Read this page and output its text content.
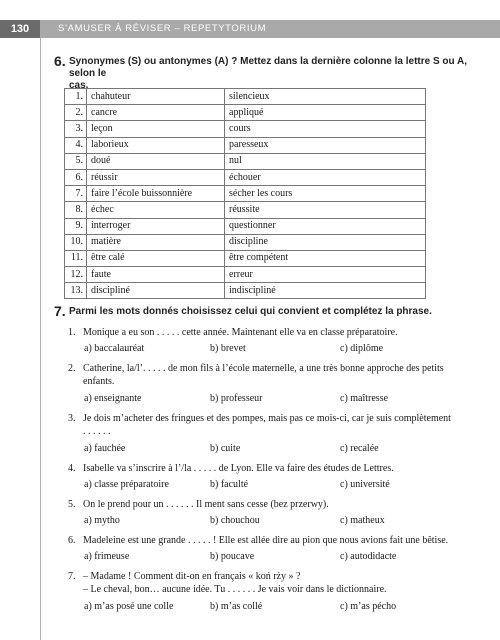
130	S’AMUSER À RÉVISER – REPETYTORIUM
6. Synonymes (S) ou antonymes (A) ? Mettez dans la dernière colonne la lettre S ou A, selon le
cas.
1.	chahuteur	silencieux
2.	cancre	appliqué
3.	leçon	cours
4.	laborieux	paresseux
5.	doué	nul
6.	réussir	échouer
7.	faire l’école buissonnière	sécher les cours
8.	échec	réussite
9.	interroger	questionner
10.	matière	discipline
11.	être calé	être compétent
12.	faute	erreur
13.	discipliné	indiscipliné
7. Parmi les mots donnés choisissez celui qui convient et complétez la phrase.
1. Monique a eu son . . . . . cette année. Maintenant elle va en classe préparatoire.
a) baccalauréat	b) brevet	c) diplôme
2. Catherine, la/l’. . . . . de mon fils à l’école maternelle, a une très bonne approche des petits
enfants.
a) enseignante	b) professeur	c) maîtresse
3. Je dois m’acheter des fringues et des pompes, mais pas ce mois-ci, car je suis complètement
. . . . . .
a) fauchée	b) cuite	c) recalée
4. Isabelle va s’inscrire à l’/la . . . . . de Lyon. Elle va faire des études de Lettres.
a) classe préparatoire	b) faculté	c) université
5. On le prend pour un . . . . . . Il ment sans cesse (bez przerwy).
a) mytho	b) chouchou	c) matheux
6. Madeleine est une grande . . . . . ! Elle est allée dire au pion que nous avions fait une bêtise.
a) frimeuse	b) poucave	c) autodidacte
7. – Madame ! Comment dit-on en français « koń rży » ?
– Le cheval, bon… aucune idée. Tu . . . . . . Je vais voir dans le dictionnaire.
a) m’as posé une colle	b) m’as collé	c) m’as pécho
